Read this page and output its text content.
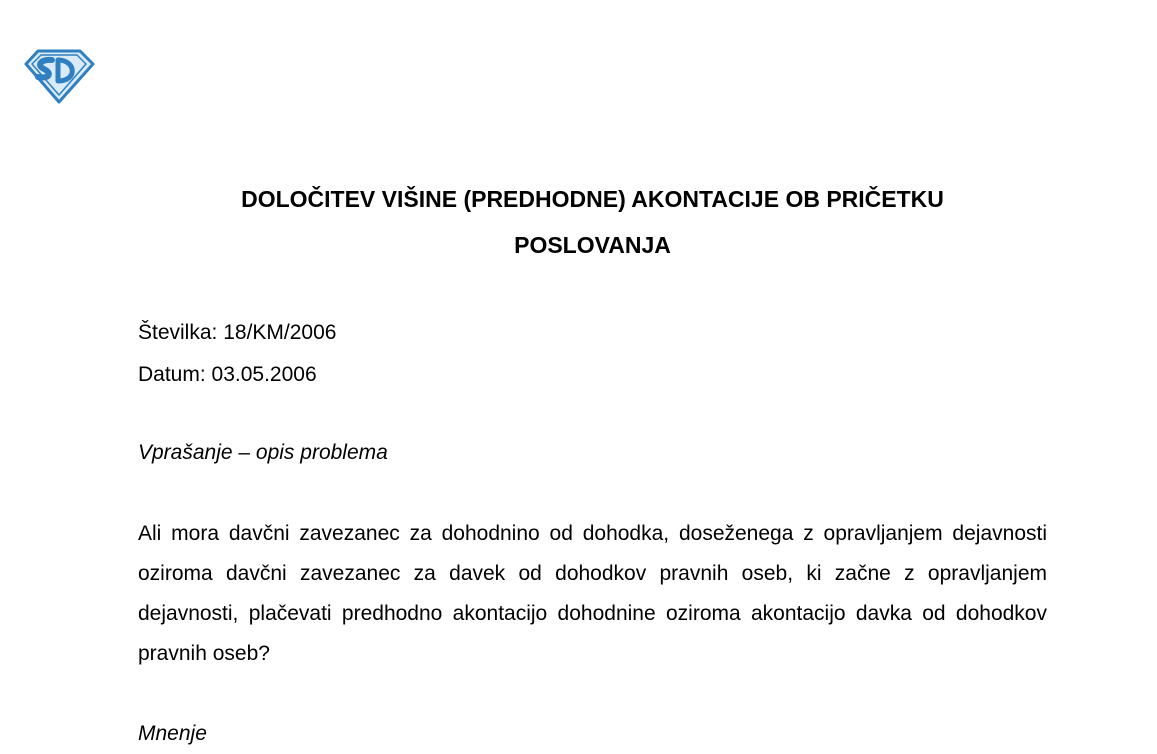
DOLOČITEV VIŠINE (PREDHODNE) AKONTACIJE OB PRIČETKU
POSLOVANJA
Številka: 18/KM/2006
Datum: 03.05.2006
Vprašanje – opis problema

Ali mora davčni zavezanec za dohodnino od dohodka, doseženega z opravljanjem dejavnosti oziroma davčni zavezanec za davek od dohodkov pravnih oseb, ki začne z opravljanjem dejavnosti, plačevati predhodno akontacijo dohodnine oziroma akontacijo davka od dohodkov pravnih oseb?

Mnenje
